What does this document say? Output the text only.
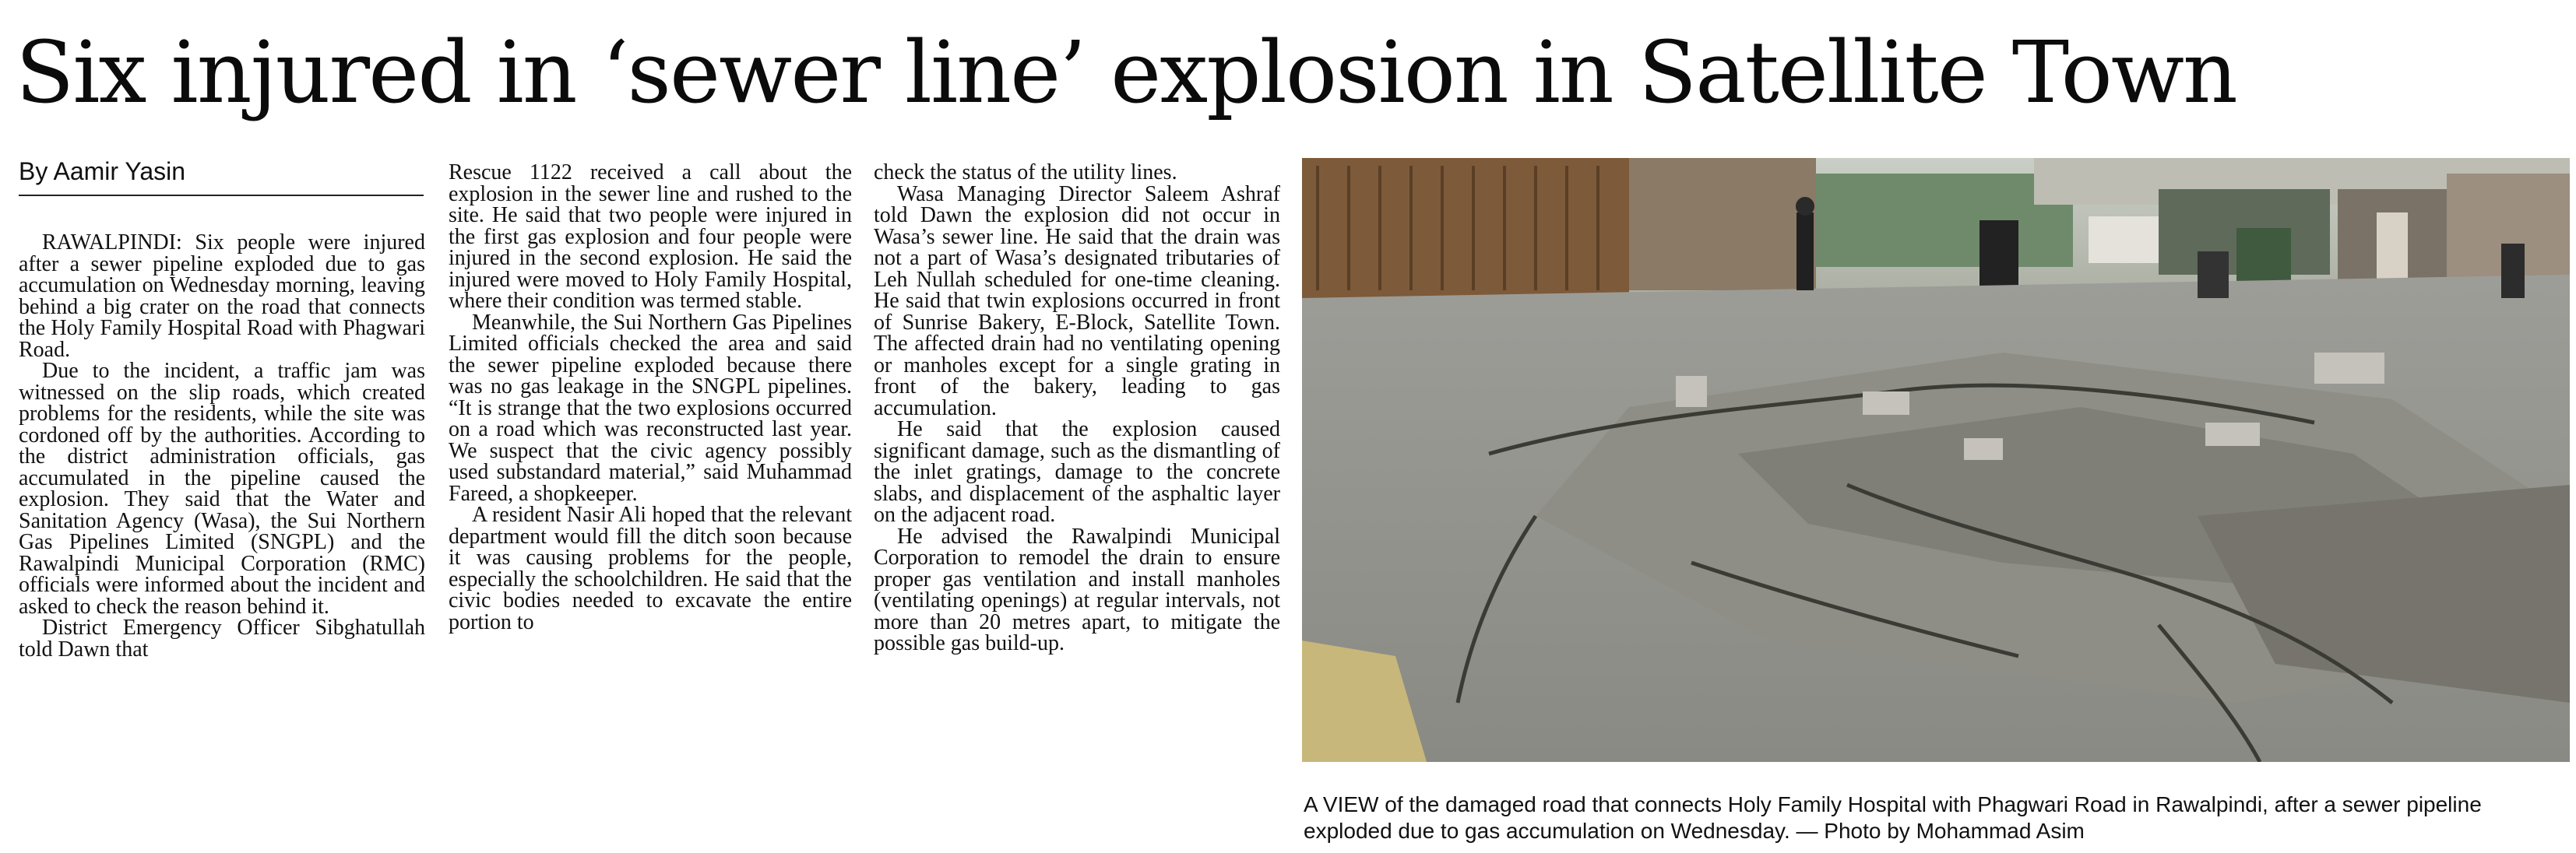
Six injured in ‘sewer line’ explosion in Satellite Town
By Aamir Yasin

RAWALPINDI: Six people were injured after a sewer pipeline exploded due to gas accumulation on Wednesday morning, leaving behind a big crater on the road that connects the Holy Family Hospital Road with Phagwari Road.

Due to the incident, a traffic jam was witnessed on the slip roads, which created problems for the residents, while the site was cordoned off by the authorities. According to the district administration officials, gas accumulated in the pipeline caused the explosion. They said that the Water and Sanitation Agency (Wasa), the Sui Northern Gas Pipelines Limited (SNGPL) and the Rawalpindi Municipal Corporation (RMC) officials were informed about the incident and asked to check the reason behind it.

District Emergency Officer Sibghatullah told Dawn that

Rescue 1122 received a call about the explosion in the sewer line and rushed to the site. He said that two people were injured in the first gas explosion and four people were injured in the second explosion. He said the injured were moved to Holy Family Hospital, where their condition was termed stable.

Meanwhile, the Sui Northern Gas Pipelines Limited officials checked the area and said the sewer pipeline exploded because there was no gas leakage in the SNGPL pipelines. “It is strange that the two explosions occurred on a road which was reconstructed last year. We suspect that the civic agency possibly used substandard material,” said Muhammad Fareed, a shopkeeper.

A resident Nasir Ali hoped that the relevant department would fill the ditch soon because it was causing problems for the people, especially the schoolchildren. He said that the civic bodies needed to excavate the entire portion to

check the status of the utility lines.

Wasa Managing Director Saleem Ashraf told Dawn the explosion did not occur in Wasa’s sewer line. He said that the drain was not a part of Wasa’s designated tributaries of Leh Nullah scheduled for one-time cleaning. He said that twin explosions occurred in front of Sunrise Bakery, E-Block, Satellite Town. The affected drain had no ventilating opening or manholes except for a single grating in front of the bakery, leading to gas accumulation.

He said that the explosion caused significant damage, such as the dismantling of the inlet gratings, damage to the concrete slabs, and displacement of the asphaltic layer on the adjacent road.

He advised the Rawalpindi Municipal Corporation to remodel the drain to ensure proper gas ventilation and install manholes (ventilating openings) at regular intervals, not more than 20 metres apart, to mitigate the possible gas build-up.

A VIEW of the damaged road that connects Holy Family Hospital with Phagwari Road in Rawalpindi, after a sewer pipeline exploded due to gas accumulation on Wednesday. — Photo by Mohammad Asim
